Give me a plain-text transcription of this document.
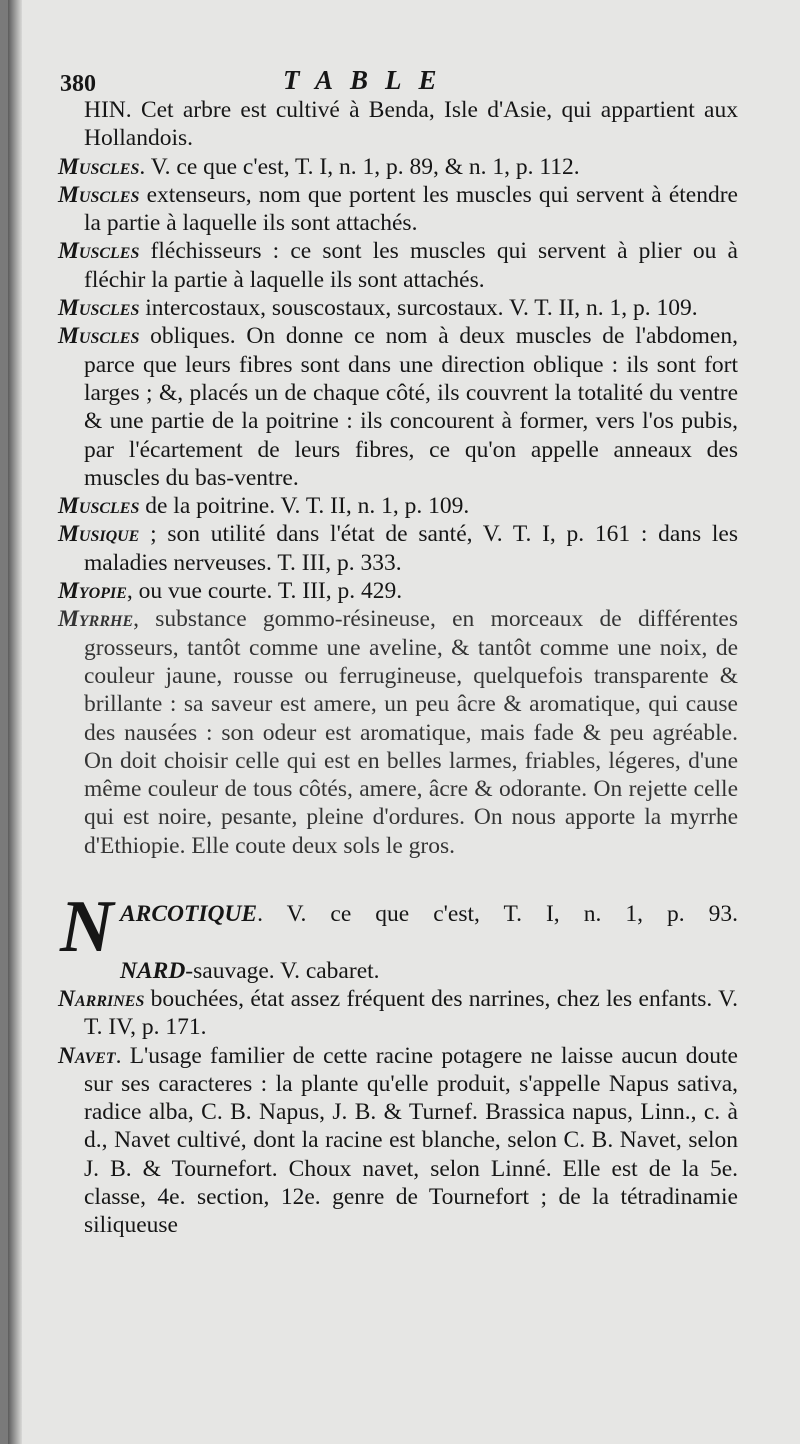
380	TABLE

HIN. Cet arbre est cultivé à Benda, Isle d'Asie, qui appartient aux Hollandois.

Muscles. V. ce que c'est, T. I, n. 1, p. 89, & n. 1, p. 112.

Muscles extenseurs, nom que portent les muscles qui servent à étendre la partie à laquelle ils sont attachés.

Muscles fléchisseurs : ce sont les muscles qui servent à plier ou à fléchir la partie à laquelle ils sont attachés.

Muscles intercostaux, souscostaux, surcostaux. V. T. II, n. 1, p. 109.

Muscles obliques. On donne ce nom à deux muscles de l'abdomen, parce que leurs fibres sont dans une direction oblique : ils sont fort larges ; &, placés un de chaque côté, ils couvrent la totalité du ventre & une partie de la poitrine : ils concourent à former, vers l'os pubis, par l'écartement de leurs fibres, ce qu'on appelle anneaux des muscles du bas-ventre.

Muscles de la poitrine. V. T. II, n. 1, p. 109.

Musique ; son utilité dans l'état de santé, V. T. I, p. 161 : dans les maladies nerveuses. T. III, p. 333.

Myopie, ou vue courte. T. III, p. 429.

Myrrhe, substance gommo-résineuse, en morceaux de différentes grosseurs, tantôt comme une aveline, & tantôt comme une noix, de couleur jaune, rousse ou ferrugineuse, quelquefois transparente & brillante : sa saveur est amere, un peu âcre & aromatique, qui cause des nausées : son odeur est aromatique, mais fade & peu agréable. On doit choisir celle qui est en belles larmes, friables, légeres, d'une même couleur de tous côtés, amere, âcre & odorante. On rejette celle qui est noire, pesante, pleine d'ordures. On nous apporte la myrrhe d'Ethiopie. Elle coute deux sols le gros.

N ARCOTIQUE. V. ce que c'est, T. I, n. 1, p. 93.
NARD-sauvage. V. cabaret.

Narrines bouchées, état assez fréquent des narrines, chez les enfants. V. T. IV, p. 171.

Navet. L'usage familier de cette racine potagere ne laisse aucun doute sur ses caracteres : la plante qu'elle produit, s'appelle Napus sativa, radice alba, C. B. Napus, J. B. & Turnef. Brassica napus, Linn., c. à d., Navet cultivé, dont la racine est blanche, selon C. B. Navet, selon J. B. & Tournefort. Choux navet, selon Linné. Elle est de la 5e. classe, 4e. section, 12e. genre de Tournefort ; de la tétradinamie siliqueuse
